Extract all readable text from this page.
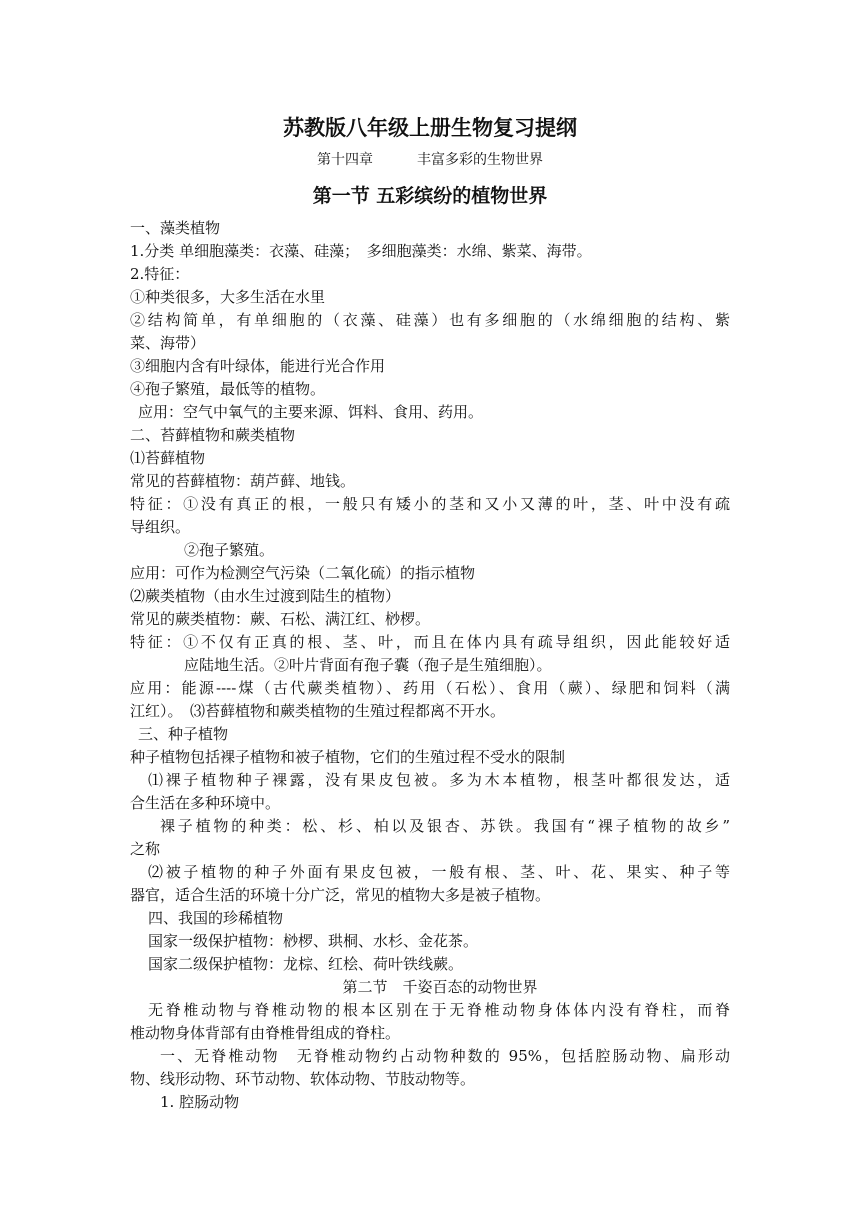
苏教版八年级上册生物复习提纲
第十四章	丰富多彩的生物世界
第一节 五彩缤纷的植物世界
一、藻类植物
1.分类 单细胞藻类：衣藻、硅藻；　多细胞藻类：水绵、紫菜、海带。
2.特征：
①种类很多，大多生活在水里
②结构简单，有单细胞的（衣藻、硅藻）也有多细胞的（水绵细胞的结构、紫
菜、海带）
③细胞内含有叶绿体，能进行光合作用
④孢子繁殖，最低等的植物。
应用：空气中氧气的主要来源、饵料、食用、药用。
二、苔藓植物和蕨类植物
⑴苔藓植物
常见的苔藓植物：葫芦藓、地钱。
特征：①没有真正的根，一般只有矮小的茎和又小又薄的叶，茎、叶中没有疏
导组织。
②孢子繁殖。
应用：可作为检测空气污染（二氧化硫）的指示植物
⑵蕨类植物（由水生过渡到陆生的植物）
常见的蕨类植物：蕨、石松、满江红、桫椤。
特征：①不仅有正真的根、茎、叶，而且在体内具有疏导组织，因此能较好适
应陆地生活。②叶片背面有孢子囊（孢子是生殖细胞）。
应用：能源----煤（古代蕨类植物）、药用（石松）、食用（蕨）、绿肥和饲料（满
江红）。　⑶苔藓植物和蕨类植物的生殖过程都离不开水。
三、种子植物
种子植物包括裸子植物和被子植物，它们的生殖过程不受水的限制
⑴裸子植物种子裸露，没有果皮包被。多为木本植物，根茎叶都很发达，适
合生活在多种环境中。
裸子植物的种类：松、杉、柏以及银杏、苏铁。我国有“裸子植物的故乡”
之称
⑵被子植物的种子外面有果皮包被，一般有根、茎、叶、花、果实、种子等
器官，适合生活的环境十分广泛，常见的植物大多是被子植物。
四、我国的珍稀植物
国家一级保护植物：桫椤、珙桐、水杉、金花茶。
国家二级保护植物：龙棕、红桧、荷叶铁线蕨。
第二节　千姿百态的动物世界
无脊椎动物与脊椎动物的根本区别在于无脊椎动物身体体内没有脊柱，而脊
椎动物身体背部有由脊椎骨组成的脊柱。
一、无脊椎动物　无脊椎动物约占动物种数的 95%，包括腔肠动物、扁形动
物、线形动物、环节动物、软体动物、节肢动物等。
1. 腔肠动物
